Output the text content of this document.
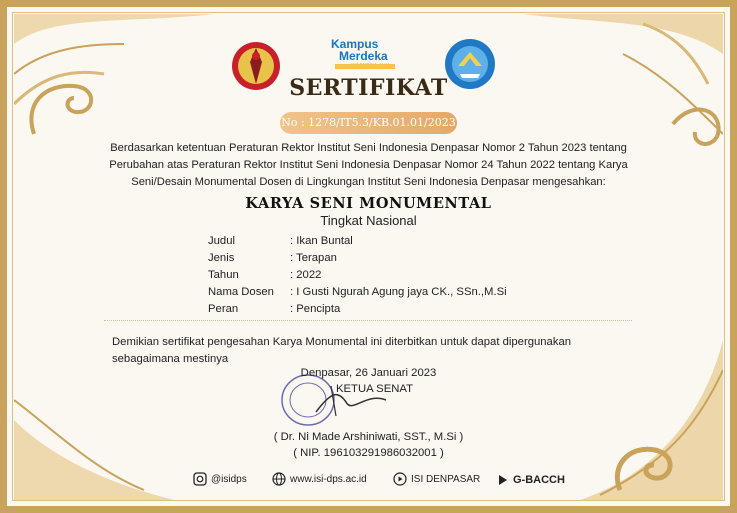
Kampus
Merdeka
SERTIFIKAT
No : 1278/IT5.3/KB.01.01/2023
Berdasarkan ketentuan Peraturan Rektor Institut Seni Indonesia Denpasar Nomor 2 Tahun 2023 tentang
Perubahan atas Peraturan Rektor Institut Seni Indonesia Denpasar Nomor 24 Tahun 2022 tentang Karya
Seni/Desain Monumental Dosen di Lingkungan Institut Seni Indonesia Denpasar mengesahkan:
KARYA SENI MONUMENTAL
Tingkat Nasional
Judul	: Ikan Buntal
Jenis	: Terapan
Tahun	: 2022
Nama Dosen : I Gusti Ngurah Agung jaya CK., SSn.,M.Si
Peran	: Pencipta
Demikian sertifikat pengesahan Karya Monumental ini diterbitkan untuk dapat dipergunakan
sebagaimana mestinya
Denpasar, 26 Januari 2023
KETUA SENAT
( Dr. Ni Made Arshiniwati, SST., M.Si )
( NIP. 196103291986032001 )
@isidps	www.isi-dps.ac.id	ISI DENPASAR	G-BACCH
